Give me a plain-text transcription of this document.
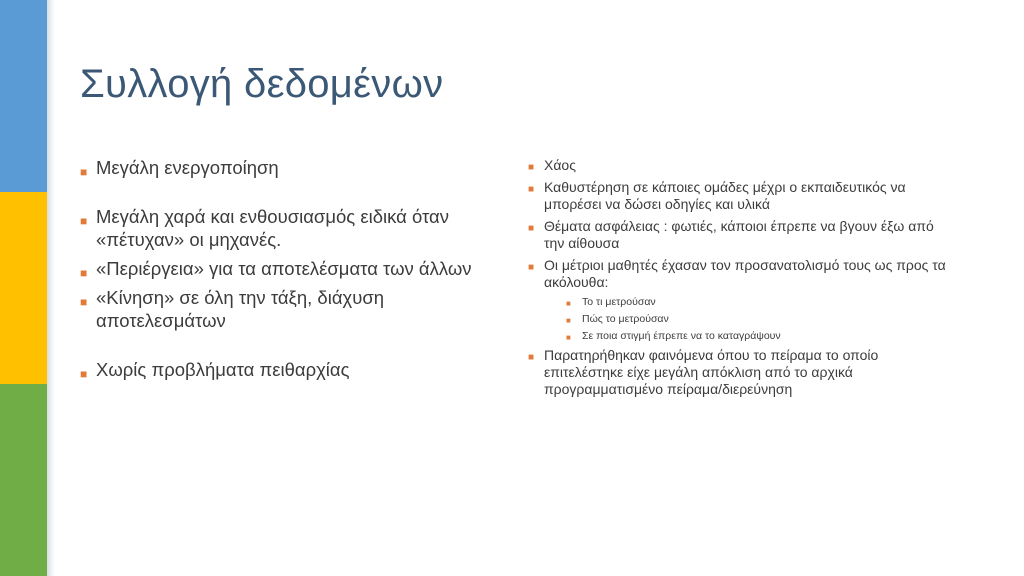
Συλλογή δεδομένων
■ Μεγάλη ενεργοποίηση
■ Μεγάλη χαρά και ενθουσιασμός ειδικά όταν «πέτυχαν» οι μηχανές.
■ «Περιέργεια» για τα αποτελέσματα των άλλων
■ «Κίνηση» σε όλη την τάξη, διάχυση αποτελεσμάτων
■ Χωρίς προβλήματα πειθαρχίας
■ Χάος
■ Καθυστέρηση σε κάποιες ομάδες μέχρι ο εκπαιδευτικός να μπορέσει να δώσει οδηγίες και υλικά
■ Θέματα ασφάλειας : φωτιές, κάποιοι έπρεπε να βγουν έξω από την αίθουσα
■ Οι μέτριοι μαθητές έχασαν τον προσανατολισμό τους ως προς τα ακόλουθα:
■ Το τι μετρούσαν
■ Πώς το μετρούσαν
■ Σε ποια στιγμή έπρεπε να το καταγράψουν
■ Παρατηρήθηκαν φαινόμενα όπου το πείραμα το οποίο επιτελέστηκε είχε μεγάλη απόκλιση από το αρχικά προγραμματισμένο πείραμα/διερεύνηση
